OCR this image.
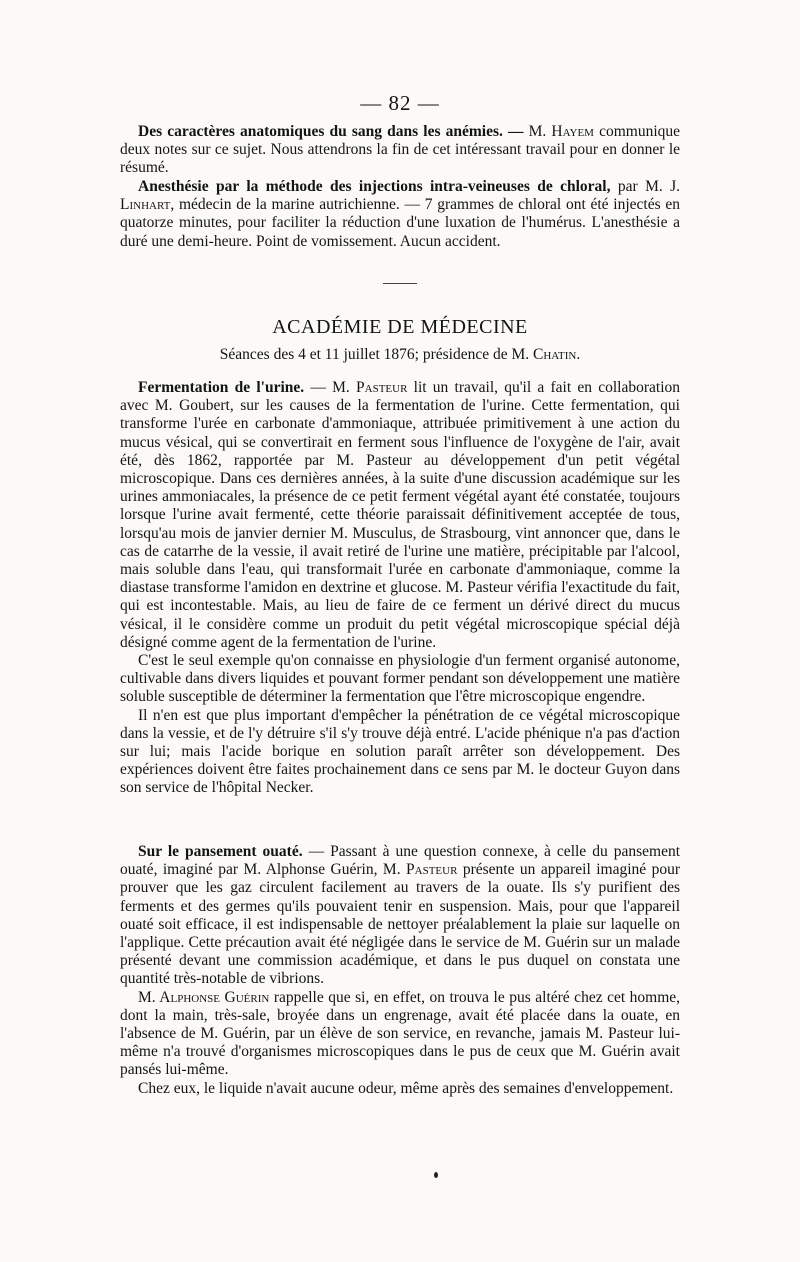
— 82 —

Des caractères anatomiques du sang dans les anémies. — M. Hayem communique deux notes sur ce sujet. Nous attendrons la fin de cet intéressant travail pour en donner le résumé.

Anesthésie par la méthode des injections intra-veineuses de chloral, par M. J. Linhart, médecin de la marine autrichienne. — 7 grammes de chloral ont été injectés en quatorze minutes, pour faciliter la réduction d'une luxation de l'humérus. L'anesthésie a duré une demi-heure. Point de vomissement. Aucun accident.

ACADÉMIE DE MÉDECINE
Séances des 4 et 11 juillet 1876; présidence de M. Chatin.

Fermentation de l'urine. — M. Pasteur lit un travail, qu'il a fait en collaboration avec M. Goubert, sur les causes de la fermentation de l'urine. Cette fermentation, qui transforme l'urée en carbonate d'ammoniaque, attribuée primitivement à une action du mucus vésical, qui se convertirait en ferment sous l'influence de l'oxygène de l'air, avait été, dès 1862, rapportée par M. Pasteur au développement d'un petit végétal microscopique. Dans ces dernières années, à la suite d'une discussion académique sur les urines ammoniacales, la présence de ce petit ferment végétal ayant été constatée, toujours lorsque l'urine avait fermenté, cette théorie paraissait définitivement acceptée de tous, lorsqu'au mois de janvier dernier M. Musculus, de Strasbourg, vint annoncer que, dans le cas de catarrhe de la vessie, il avait retiré de l'urine une matière, précipitable par l'alcool, mais soluble dans l'eau, qui transformait l'urée en carbonate d'ammoniaque, comme la diastase transforme l'amidon en dextrine et glucose. M. Pasteur vérifia l'exactitude du fait, qui est incontestable. Mais, au lieu de faire de ce ferment un dérivé direct du mucus vésical, il le considère comme un produit du petit végétal microscopique spécial déjà désigné comme agent de la fermentation de l'urine.

C'est le seul exemple qu'on connaisse en physiologie d'un ferment organisé autonome, cultivable dans divers liquides et pouvant former pendant son développement une matière soluble susceptible de déterminer la fermentation que l'être microscopique engendre.

Il n'en est que plus important d'empêcher la pénétration de ce végétal microscopique dans la vessie, et de l'y détruire s'il s'y trouve déjà entré. L'acide phénique n'a pas d'action sur lui; mais l'acide borique en solution paraît arrêter son développement. Des expériences doivent être faites prochainement dans ce sens par M. le docteur Guyon dans son service de l'hôpital Necker.

Sur le pansement ouaté. — Passant à une question connexe, à celle du pansement ouaté, imaginé par M. Alphonse Guérin, M. Pasteur présente un appareil imaginé pour prouver que les gaz circulent facilement au travers de la ouate. Ils s'y purifient des ferments et des germes qu'ils pouvaient tenir en suspension. Mais, pour que l'appareil ouaté soit efficace, il est indispensable de nettoyer préalablement la plaie sur laquelle on l'applique. Cette précaution avait été négligée dans le service de M. Guérin sur un malade présenté devant une commission académique, et dans le pus duquel on constata une quantité très-notable de vibrions.

M. Alphonse Guérin rappelle que si, en effet, on trouva le pus altéré chez cet homme, dont la main, très-sale, broyée dans un engrenage, avait été placée dans la ouate, en l'absence de M. Guérin, par un élève de son service, en revanche, jamais M. Pasteur lui-même n'a trouvé d'organismes microscopiques dans le pus de ceux que M. Guérin avait pansés lui-même.

Chez eux, le liquide n'avait aucune odeur, même après des semaines d'enveloppement.
